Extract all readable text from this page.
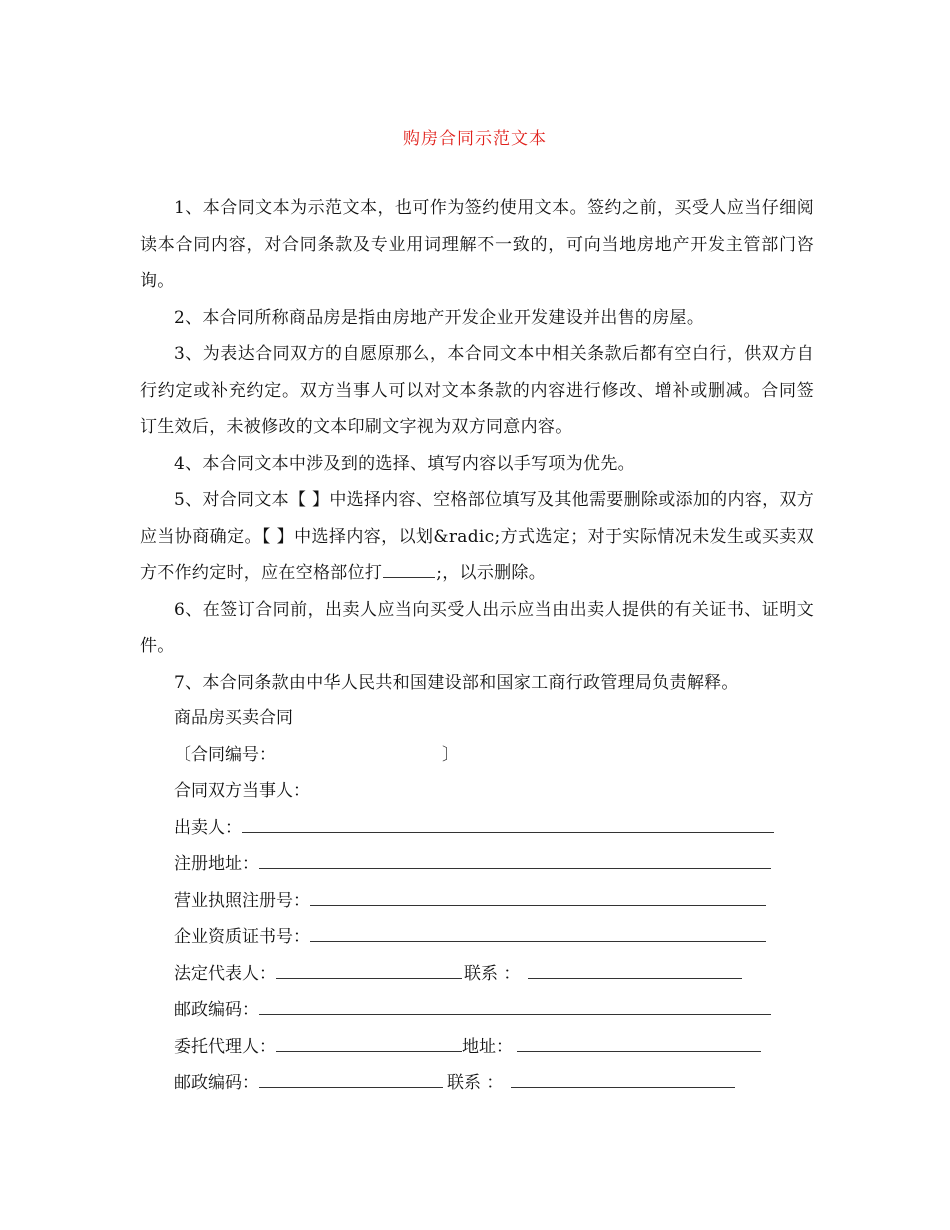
购房合同示范文本

1、本合同文本为示范文本，也可作为签约使用文本。签约之前，买受人应当仔细阅读本合同内容，对合同条款及专业用词理解不一致的，可向当地房地产开发主管部门咨询。

2、本合同所称商品房是指由房地产开发企业开发建设并出售的房屋。

3、为表达合同双方的自愿原那么，本合同文本中相关条款后都有空白行，供双方自行约定或补充约定。双方当事人可以对文本条款的内容进行修改、增补或删减。合同签订生效后，未被修改的文本印刷文字视为双方同意内容。

4、本合同文本中涉及到的选择、填写内容以手写项为优先。

5、对合同文本【 】中选择内容、空格部位填写及其他需要删除或添加的内容，双方应当协商确定。【 】中选择内容，以划&radic;方式选定；对于实际情况未发生或买卖双方不作约定时，应在空格部位打	;，以示删除。

6、在签订合同前，出卖人应当向买受人出示应当由出卖人提供的有关证书、证明文件。

7、本合同条款由中华人民共和国建设部和国家工商行政管理局负责解释。

商品房买卖合同

〔合同编号：	〕

合同双方当事人：

出卖人：

注册地址：

营业执照注册号：

企业资质证书号：

法定代表人：	联系 ：

邮政编码：

委托代理人：	地址：

邮政编码：	联系 ：
